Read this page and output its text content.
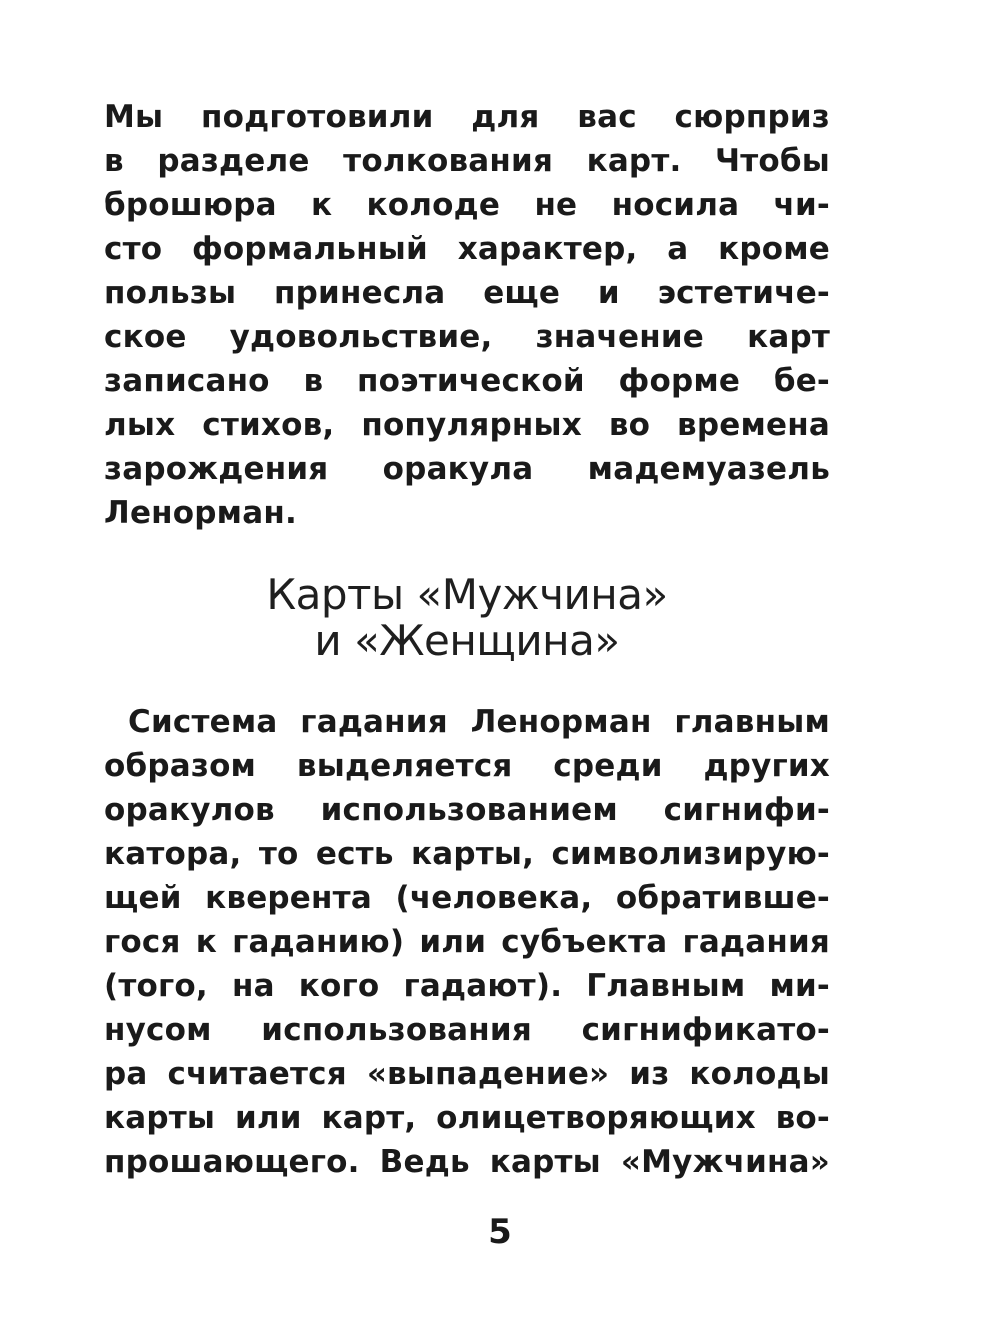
Мы подготовили для вас сюрприз
в разделе толкования карт. Чтобы
брошюра к колоде не носила чи-
сто формальный характер, а кроме
пользы принесла еще и эстетиче-
ское удовольствие, значение карт
записано в поэтической форме бе-
лых стихов, популярных во времена
зарождения оракула мадемуазель
Ленорман.
Карты «Мужчина»
и «Женщина»
Система гадания Ленорман главным
образом выделяется среди других
оракулов использованием сигнифи-
катора, то есть карты, символизирую-
щей кверента (человека, обративше-
гося к гаданию) или субъекта гадания
(того, на кого гадают). Главным ми-
нусом использования сигнификато-
ра считается «выпадение» из колоды
карты или карт, олицетворяющих во-
прошающего. Ведь карты «Мужчина»
5
